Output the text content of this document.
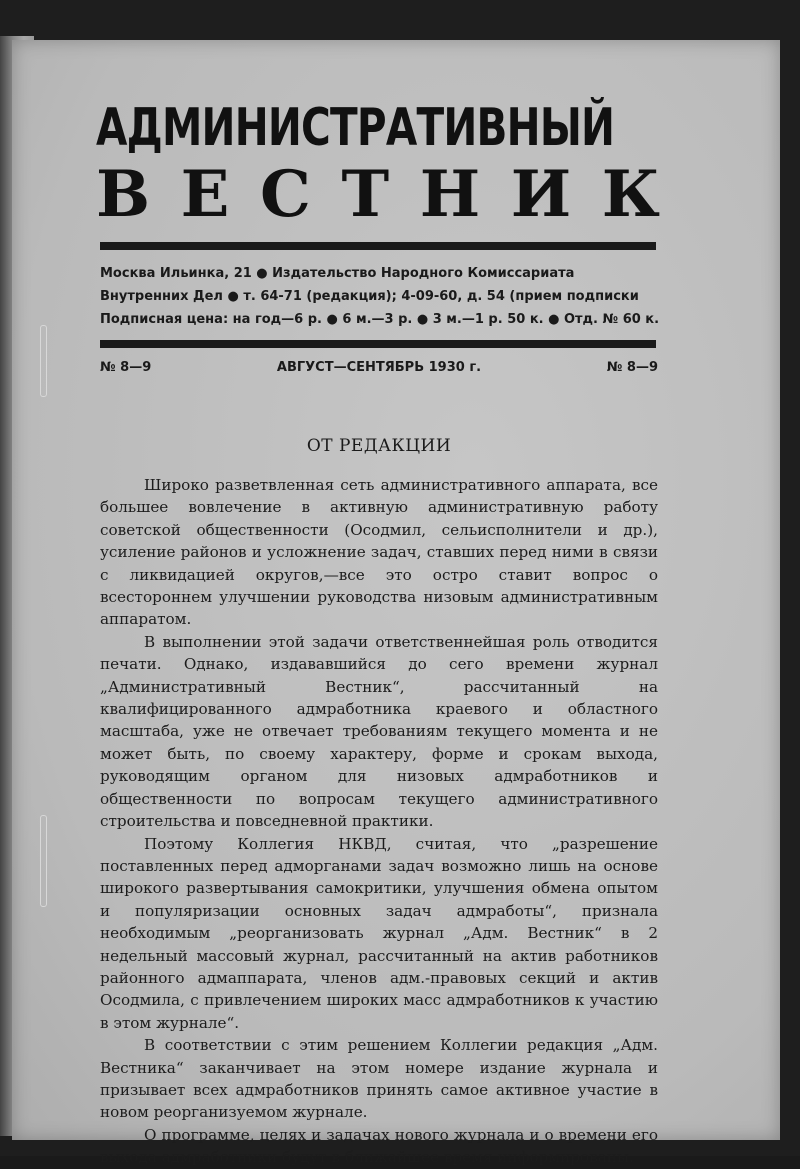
АДМИНИСТРАТИВНЫЙ
В Е С Т Н И К
Москва Ильинка, 21 ● Издательство Народного Комиссариата
Внутренних Дел ● т. 64-71 (редакция); 4-09-60, д. 54 (прием подписки
Подписная цена: на год—6 р. ● 6 м.—3 р. ● 3 м.—1 р. 50 к. ● Отд. № 60 к.
№ 8—9	АВГУСТ—СЕНТЯБРЬ 1930 г.	№ 8—9
ОТ РЕДАКЦИИ

Широко разветвленная сеть административного аппарата, все большее вовлечение в активную административную работу советской общественности (Осодмил, сельисполнители и др.), усиление районов и усложнение задач, ставших перед ними в связи с ликвидацией округов,—все это остро ставит вопрос о всестороннем улучшении руководства низовым административным аппаратом.

В выполнении этой задачи ответственнейшая роль отводится печати. Однако, издававшийся до сего времени журнал „Административный Вестник“, рассчитанный на квалифицированного адмработника краевого и областного масштаба, уже не отвечает требованиям текущего момента и не может быть, по своему характеру, форме и срокам выхода, руководящим органом для низовых адмработников и общественности по вопросам текущего административного строительства и повседневной практики.

Поэтому Коллегия НКВД, считая, что „разрешение поставленных перед адморганами задач возможно лишь на основе широкого развертывания самокритики, улучшения обмена опытом и популяризации основных задач адмработы“, признала необходимым „реорганизовать журнал „Адм. Вестник“ в 2 недельный массовый журнал, рассчитанный на актив работников районного адмаппарата, членов адм.-правовых секций и актив Осодмила, с привлечением широких масс адмработников к участию в этом журнале“.

В соответствии с этим решением Коллегии редакция „Адм. Вестника“ заканчивает на этом номере издание журнала и призывает всех адмработников принять самое активное участие в новом реорганизуемом журнале.

О программе, целях и задачах нового журнала и о времени его выхода адмработники будут в ближайшее время информированы.
